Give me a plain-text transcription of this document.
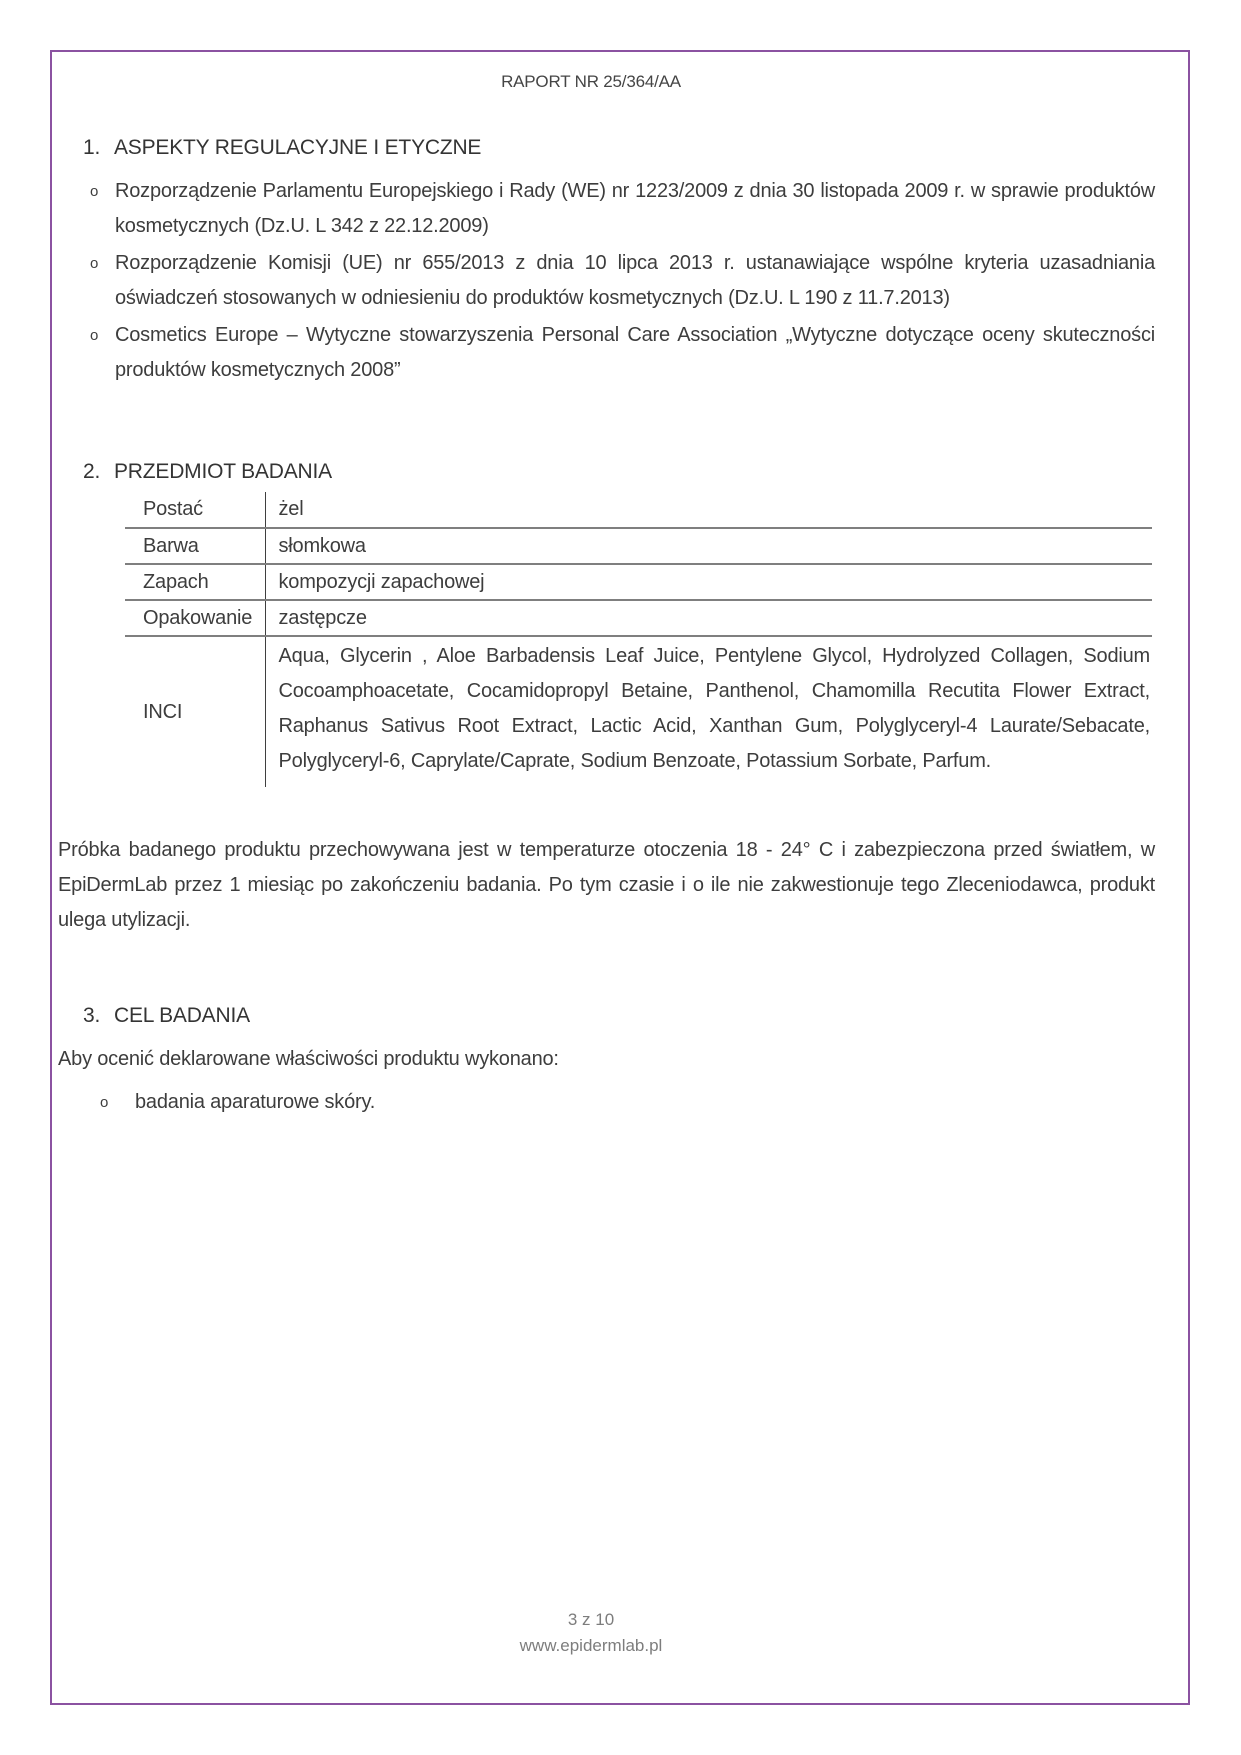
RAPORT NR 25/364/AA
1. ASPEKTY REGULACYJNE I ETYCZNE
o Rozporządzenie Parlamentu Europejskiego i Rady (WE) nr 1223/2009 z dnia 30 listopada 2009 r. w sprawie produktów kosmetycznych (Dz.U. L 342 z 22.12.2009)
o Rozporządzenie Komisji (UE) nr 655/2013 z dnia 10 lipca 2013 r. ustanawiające wspólne kryteria uzasadniania oświadczeń stosowanych w odniesieniu do produktów kosmetycznych (Dz.U. L 190 z 11.7.2013)
o Cosmetics Europe – Wytyczne stowarzyszenia Personal Care Association „Wytyczne dotyczące oceny skuteczności produktów kosmetycznych 2008”
2. PRZEDMIOT BADANIA
Postać	żel
Barwa	słomkowa
Zapach	kompozycji zapachowej
Opakowanie	zastępcze
INCI	Aqua, Glycerin , Aloe Barbadensis Leaf Juice, Pentylene Glycol, Hydrolyzed Collagen, Sodium Cocoamphoacetate, Cocamidopropyl Betaine, Panthenol, Chamomilla Recutita Flower Extract, Raphanus Sativus Root Extract, Lactic Acid, Xanthan Gum, Polyglyceryl-4 Laurate/Sebacate, Polyglyceryl-6, Caprylate/Caprate, Sodium Benzoate, Potassium Sorbate, Parfum.

Próbka badanego produktu przechowywana jest w temperaturze otoczenia 18 - 24° C i zabezpieczona przed światłem, w EpiDermLab przez 1 miesiąc po zakończeniu badania. Po tym czasie i o ile nie zakwestionuje tego Zleceniodawca, produkt ulega utylizacji.

3. CEL BADANIA

Aby ocenić deklarowane właściwości produktu wykonano:

o	badania aparaturowe skóry.
3 z 10
www.epidermlab.pl
